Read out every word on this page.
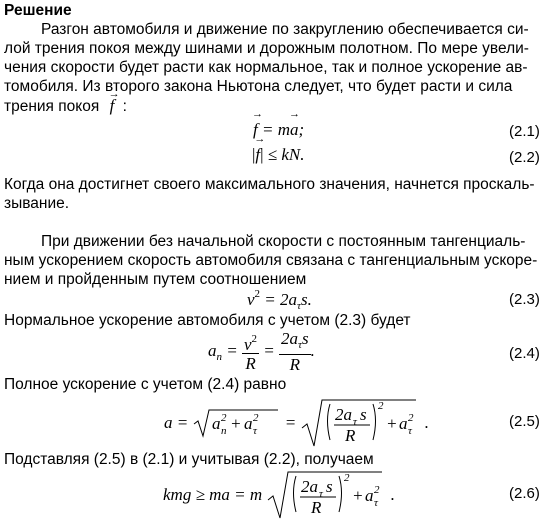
Решение
Разгон автомобиля и движение по закруглению обеспечивается си-
лой трения покоя между шинами и дорожным полотном. По мере увели-
чения скорости будет расти как нормальное, так и полное ускорение ав-
томобиля. Из второго закона Ньютона следует, что будет расти и сила
трения покоя → f :
→ f = m→ a;	(2.1)
|→ f| ≤ kN.	(2.2)
Когда она достигнет своего максимального значения, начнется проскаль-
зывание.
При движении без начальной скорости с постоянным тангенциаль-
ным ускорением скорость автомобиля связана с тангенциальным ускоре-
нием и пройденным путем соотношением
$v^2 = 2a_\tau s$.	(2.3)
Нормальное ускорение автомобиля с учетом (2.3) будет
$a_n = \frac{v^2}{R} = \frac{2a_\tau s}{R}$ .	(2.4)
Полное ускорение с учетом (2.4) равно
a = a n
2 + a τ
2 = 2a τ s
R
2
+ a τ
2 .	(2.5)
Подставляя (2.5) в (2.1) и учитывая (2.2), получаем
kmg ≥ ma = m 2a τ s
R
2
+ a τ
2 .	(2.6)
